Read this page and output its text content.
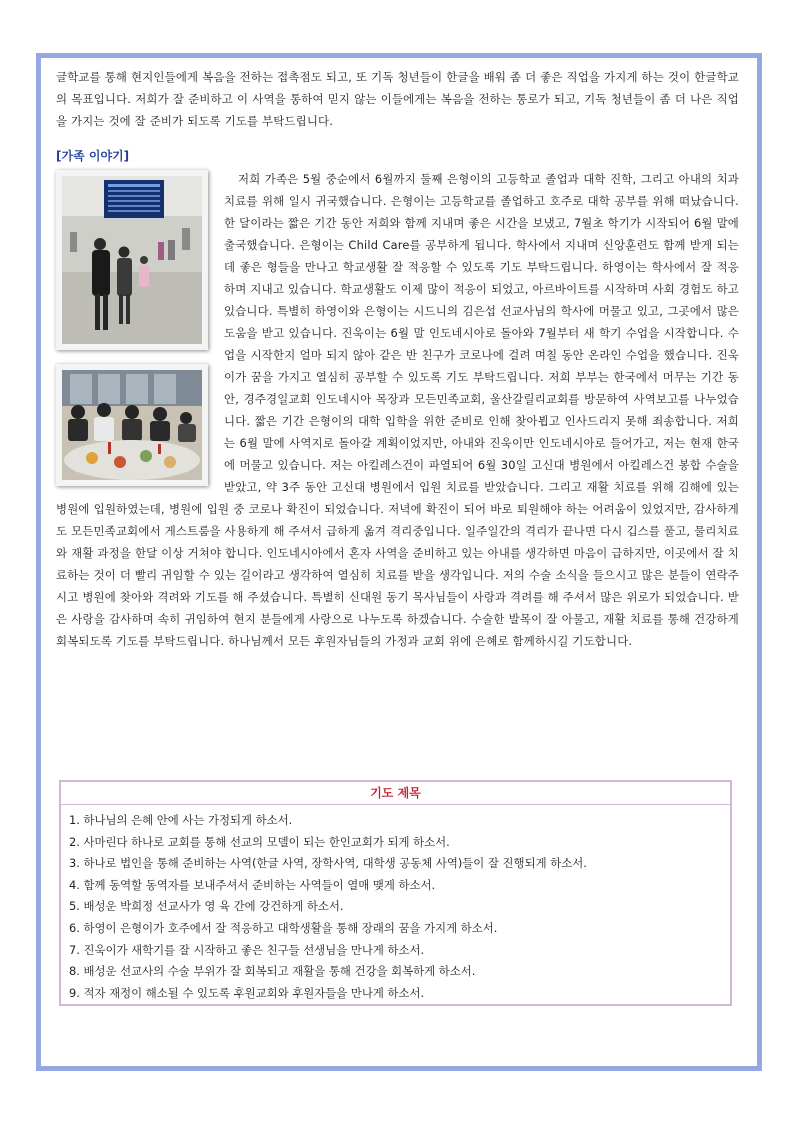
글학교를 통해 현지인들에게 복음을 전하는 접촉점도 되고, 또 기독 청년들이 한글을 배워 좀 더 좋은 직업을 가지게 하는 것이 한글학교의 목표입니다. 저희가 잘 준비하고 이 사역을 통하여 믿지 않는 이들에게는 복음을 전하는 통로가 되고, 기독 청년들이 좀 더 나은 직업을 가지는 것에 잘 준비가 되도록 기도를 부탁드립니다.

[가족 이야기]

저희 가족은 5월 중순에서 6월까지 둘째 은형이의 고등학교 졸업과 대학 진학, 그리고 아내의 치과 치료를 위해 일시 귀국했습니다. 은형이는 고등학교를 졸업하고 호주로 대학 공부를 위해 떠났습니다. 한 달이라는 짧은 기간 동안 저희와 함께 지내며 좋은 시간을 보냈고, 7월초 학기가 시작되어 6월 말에 출국했습니다. 은형이는 Child Care를 공부하게 됩니다. 학사에서 지내며 신앙훈련도 함께 받게 되는데 좋은 형들을 만나고 학교생활 잘 적응할 수 있도록 기도 부탁드립니다. 하영이는 학사에서 잘 적응하며 지내고 있습니다. 학교생활도 이제 많이 적응이 되었고, 아르바이트를 시작하며 사회 경험도 하고 있습니다. 특별히 하영이와 은형이는 시드니의 김은섭 선교사님의 학사에 머물고 있고, 그곳에서 많은 도움을 받고 있습니다. 진욱이는 6월 말 인도네시아로 돌아와 7월부터 새 학기 수업을 시작합니다. 수업을 시작한지 얼마 되지 않아 같은 반 친구가 코로나에 걸려 며칠 동안 온라인 수업을 했습니다. 진욱이가 꿈을 가지고 열심히 공부할 수 있도록 기도 부탁드립니다. 저희 부부는 한국에서 머무는 기간 동안, 경주경일교회 인도네시아 목장과 모든민족교회, 울산갈릴리교회를 방문하여 사역보고를 나누었습니다. 짧은 기간 은형이의 대학 입학을 위한 준비로 인해 찾아뵙고 인사드리지 못해 죄송합니다. 저희는 6월 말에 사역지로 돌아갈 계획이었지만, 아내와 진욱이만 인도네시아로 들어가고, 저는 현재 한국에 머물고 있습니다. 저는 아킬레스건이 파열되어 6월 30일 고신대 병원에서 아킬레스건 봉합 수술을 받았고, 약 3주 동안 고신대 병원에서 입원 치료를 받았습니다. 그리고 재활 치료를 위해 김해에 있는 병원에 입원하였는데, 병원에 입원 중 코로나 확진이 되었습니다. 저녁에 확진이 되어 바로 퇴원해야 하는 어려움이 있었지만, 감사하게도 모든민족교회에서 게스트룸을 사용하게 해 주셔서 급하게 옮겨 격리중입니다. 일주일간의 격리가 끝나면 다시 깁스를 풀고, 물리치료와 재활 과정을 한달 이상 거쳐야 합니다. 인도네시아에서 혼자 사역을 준비하고 있는 아내를 생각하면 마음이 급하지만, 이곳에서 잘 치료하는 것이 더 빨리 귀임할 수 있는 길이라고 생각하여 열심히 치료를 받을 생각입니다. 저의 수술 소식을 들으시고 많은 분들이 연락주시고 병원에 찾아와 격려와 기도를 해 주셨습니다. 특별히 신대원 동기 목사님들이 사랑과 격려를 해 주셔서 많은 위로가 되었습니다. 받은 사랑을 감사하며 속히 귀임하여 현지 분들에게 사랑으로 나누도록 하겠습니다. 수술한 발목이 잘 아물고, 재활 치료를 통해 건강하게 회복되도록 기도를 부탁드립니다. 하나님께서 모든 후원자님들의 가정과 교회 위에 은혜로 함께하시길 기도합니다.

기도 제목
1. 하나님의 은혜 안에 사는 가정되게 하소서.
2. 사마린다 하나로 교회를 통해 선교의 모델이 되는 한인교회가 되게 하소서.
3. 하나로 법인을 통해 준비하는 사역(한글 사역, 장학사역, 대학생 공동체 사역)들이 잘 진행되게 하소서.
4. 함께 동역할 동역자를 보내주셔서 준비하는 사역들이 열매 맺게 하소서.
5. 배성운 박희정 선교사가 영 육 간에 강건하게 하소서.
6. 하영이 은형이가 호주에서 잘 적응하고 대학생활을 통해 장래의 꿈을 가지게 하소서.
7. 진욱이가 새학기를 잘 시작하고 좋은 친구들 선생님을 만나게 하소서.
8. 배성운 선교사의 수술 부위가 잘 회복되고 재활을 통해 건강을 회복하게 하소서.
9. 적자 재정이 해소될 수 있도록 후원교회와 후원자들을 만나게 하소서.
